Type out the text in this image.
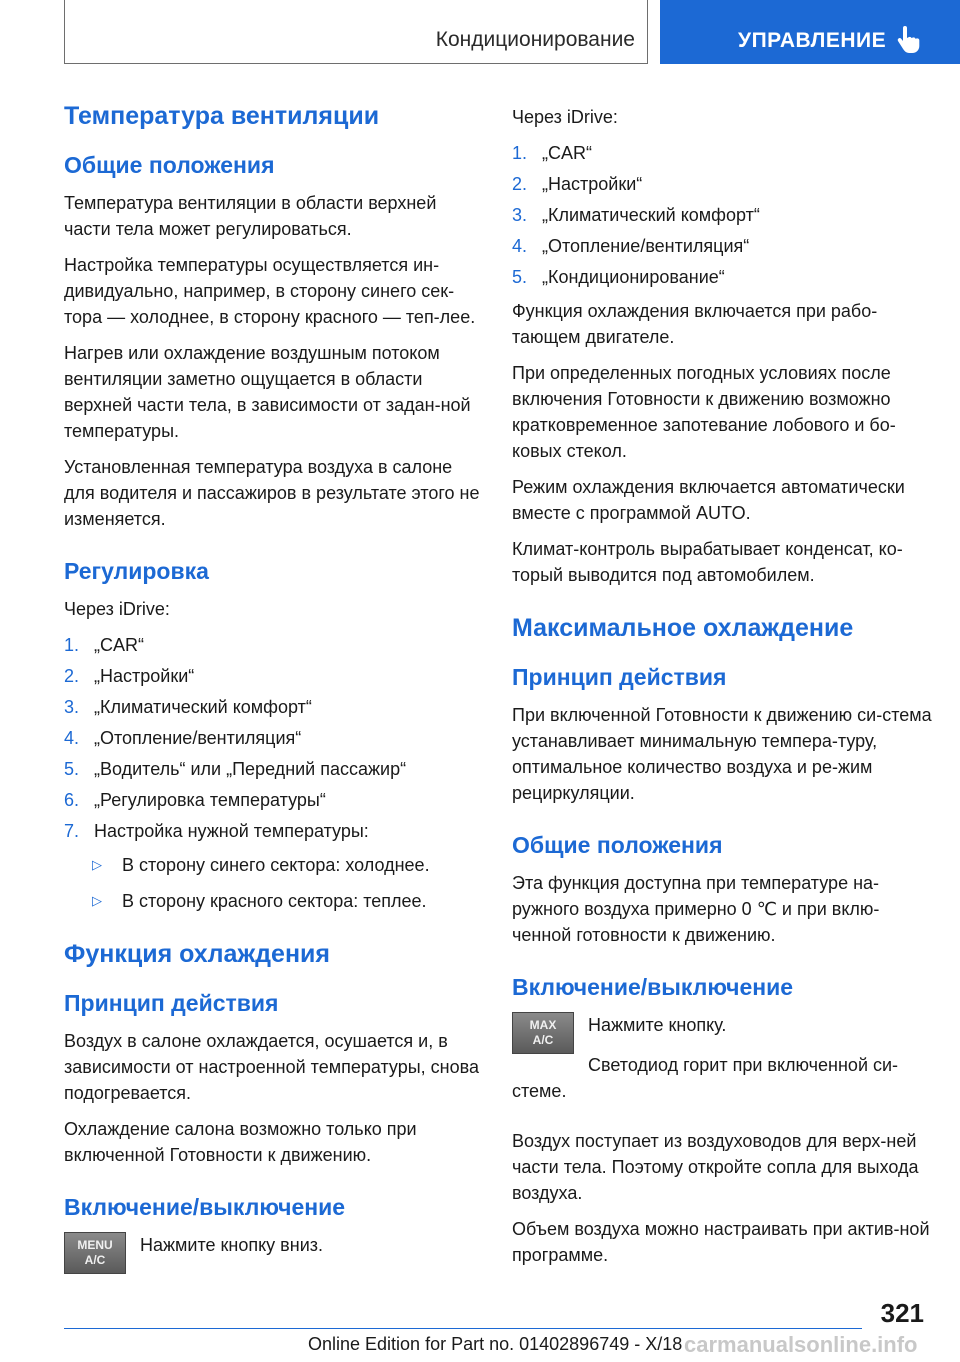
Кондиционирование	УПРАВЛЕНИЕ
Температура вентиляции
Общие положения

Температура вентиляции в области верхней части тела может регулироваться.

Настройка температуры осуществляется ин‐дивидуально, например, в сторону синего сек‐тора — холоднее, в сторону красного — теп‐лее.

Нагрев или охлаждение воздушным потоком вентиляции заметно ощущается в области верхней части тела, в зависимости от задан‐ной температуры.

Установленная температура воздуха в салоне для водителя и пассажиров в результате этого не изменяется.

Регулировка

Через iDrive:

1. „CAR“
2. „Настройки“
3. „Климатический комфорт“
4. „Отопление/вентиляция“
5. „Водитель“ или „Передний пассажир“
6. „Регулировка температуры“
7. Настройка нужной температуры:
▷ В сторону синего сектора: холоднее.
▷ В сторону красного сектора: теплее.
Функция охлаждения
Принцип действия

Воздух в салоне охлаждается, осушается и, в зависимости от настроенной температуры, снова подогревается.

Охлаждение салона возможно только при включенной Готовности к движению.

Включение/выключение
MENU
A/C

Нажмите кнопку вниз.

Через iDrive:

1. „CAR“
2. „Настройки“
3. „Климатический комфорт“
4. „Отопление/вентиляция“
5. „Кондиционирование“

Функция охлаждения включается при рабо‐тающем двигателе.

При определенных погодных условиях после включения Готовности к движению возможно кратковременное запотевание лобового и бо‐ковых стекол.

Режим охлаждения включается автоматически вместе с программой AUTO.

Климат-контроль вырабатывает конденсат, ко‐торый выводится под автомобилем.

Максимальное охлаждение
Принцип действия

При включенной Готовности к движению си‐стема устанавливает минимальную темпера‐туру, оптимальное количество воздуха и ре‐жим рециркуляции.

Общие положения

Эта функция доступна при температуре на‐ружного воздуха примерно 0 ℃ и при вклю‐ченной готовности к движению.

Включение/выключение
MAX
A/C

Нажмите кнопку.

Светодиод горит при включенной си‐стеме.

Воздух поступает из воздуховодов для верх‐ней части тела. Поэтому откройте сопла для выхода воздуха.

Объем воздуха можно настраивать при актив‐ной программе.

321
Online Edition for Part no. 01402896749 - X/18 carmanualsonline.info
